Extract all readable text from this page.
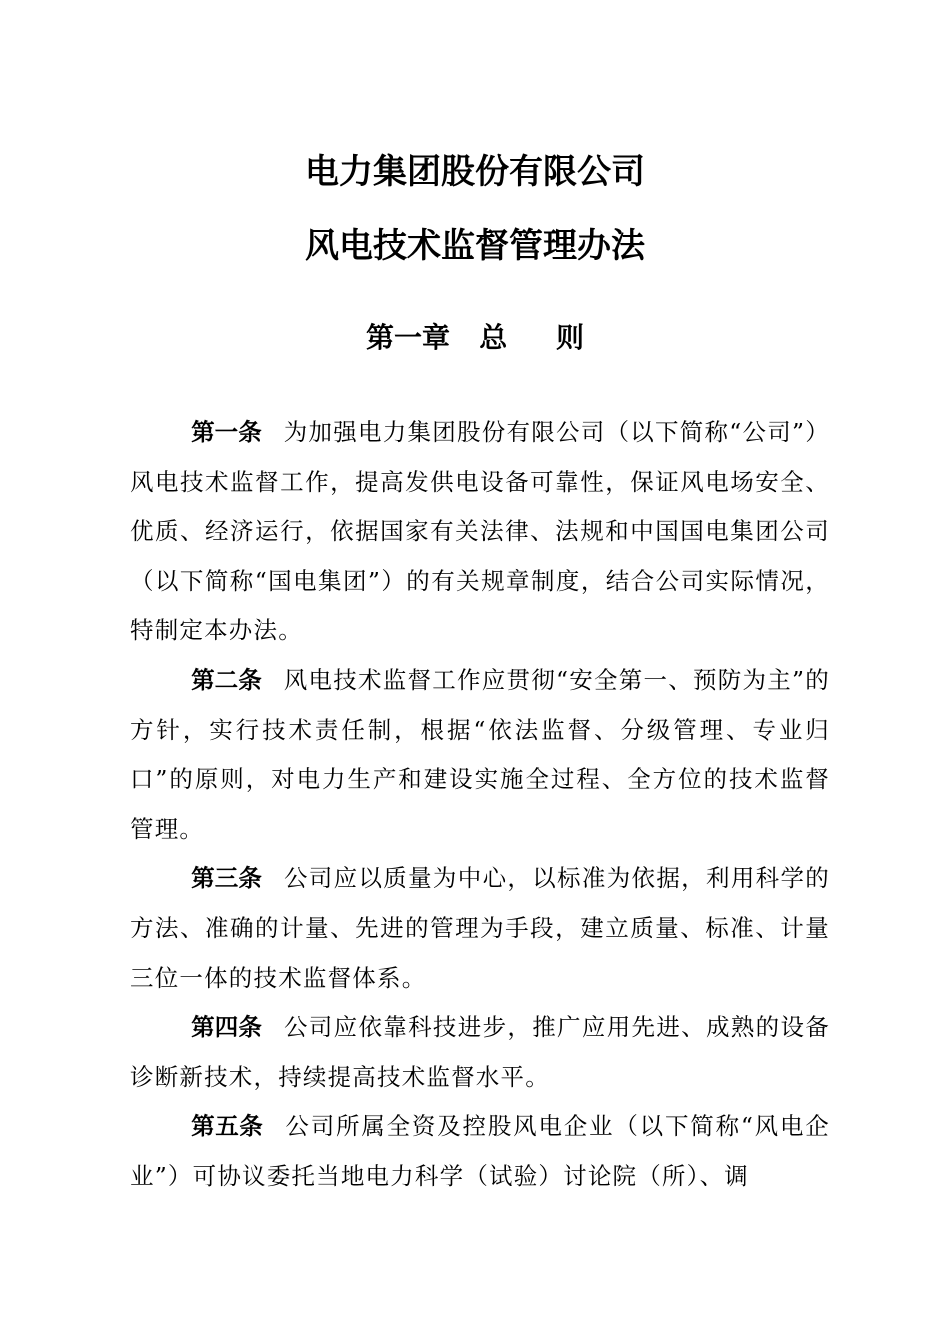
电力集团股份有限公司
风电技术监督管理办法
第一章   总     则

第一条 为加强电力集团股份有限公司（以下简称“公司”）风电技术监督工作，提高发供电设备可靠性，保证风电场安全、优质、经济运行，依据国家有关法律、法规和中国国电集团公司（以下简称“国电集团”）的有关规章制度，结合公司实际情况，特制定本办法。

第二条 风电技术监督工作应贯彻“安全第一、预防为主”的方针，实行技术责任制，根据“依法监督、分级管理、专业归口”的原则，对电力生产和建设实施全过程、全方位的技术监督管理。

第三条 公司应以质量为中心，以标准为依据，利用科学的方法、准确的计量、先进的管理为手段，建立质量、标准、计量三位一体的技术监督体系。

第四条 公司应依靠科技进步，推广应用先进、成熟的设备诊断新技术，持续提高技术监督水平。

第五条 公司所属全资及控股风电企业（以下简称“风电企业”）可协议委托当地电力科学（试验）讨论院（所）、调
